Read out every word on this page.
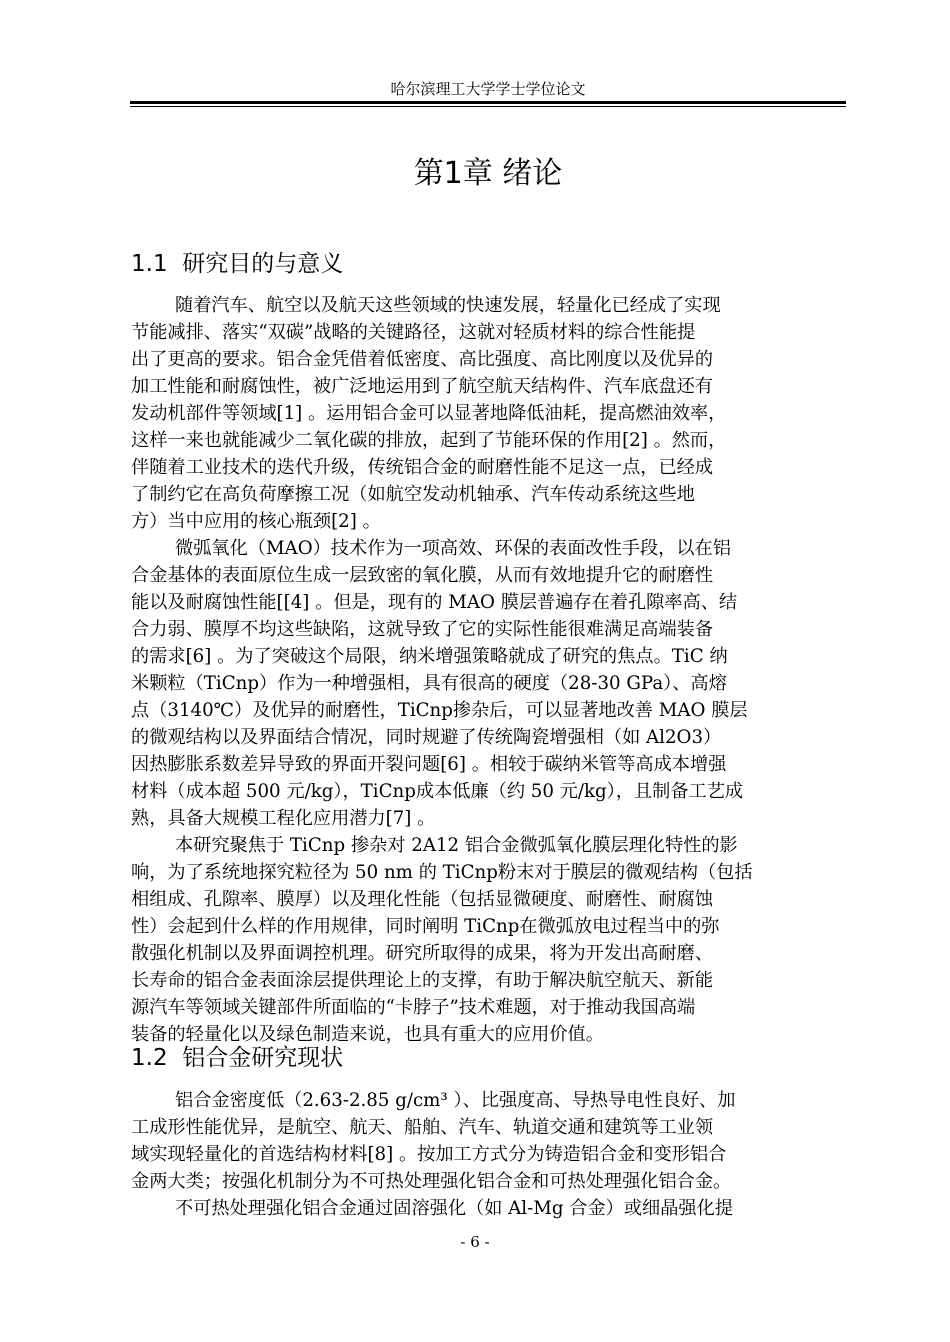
哈尔滨理工大学学士学位论文
第1章 绪论
1.1  研究目的与意义
随着汽车、航空以及航天这些领域的快速发展，轻量化已经成了实现
节能减排、落实“双碳”战略的关键路径，这就对轻质材料的综合性能提
出了更高的要求。铝合金凭借着低密度、高比强度、高比刚度以及优异的
加工性能和耐腐蚀性，被广泛地运用到了航空航天结构件、汽车底盘还有
发动机部件等领域[1] 。运用铝合金可以显著地降低油耗，提高燃油效率，
这样一来也就能减少二氧化碳的排放，起到了节能环保的作用[2] 。然而，
伴随着工业技术的迭代升级，传统铝合金的耐磨性能不足这一点，已经成
了制约它在高负荷摩擦工况（如航空发动机轴承、汽车传动系统这些地
方）当中应用的核心瓶颈[2] 。
微弧氧化（MAO）技术作为一项高效、环保的表面改性手段，以在铝
合金基体的表面原位生成一层致密的氧化膜，从而有效地提升它的耐磨性
能以及耐腐蚀性能[[4] 。但是，现有的 MAO 膜层普遍存在着孔隙率高、结
合力弱、膜厚不均这些缺陷，这就导致了它的实际性能很难满足高端装备
的需求[6] 。为了突破这个局限，纳米增强策略就成了研究的焦点。TiC 纳
米颗粒（TiCnp）作为一种增强相，具有很高的硬度（28-30 GPa）、高熔
点（3140℃）及优异的耐磨性，TiCnp掺杂后，可以显著地改善 MAO 膜层
的微观结构以及界面结合情况，同时规避了传统陶瓷增强相（如 Al2O3）
因热膨胀系数差异导致的界面开裂问题[6] 。相较于碳纳米管等高成本增强
材料（成本超 500 元/kg），TiCnp成本低廉（约 50 元/kg），且制备工艺成
熟，具备大规模工程化应用潜力[7] 。
本研究聚焦于 TiCnp 掺杂对 2A12 铝合金微弧氧化膜层理化特性的影
响，为了系统地探究粒径为 50 nm 的 TiCnp粉末对于膜层的微观结构（包括
相组成、孔隙率、膜厚）以及理化性能（包括显微硬度、耐磨性、耐腐蚀
性）会起到什么样的作用规律，同时阐明 TiCnp在微弧放电过程当中的弥
散强化机制以及界面调控机理。研究所取得的成果，将为开发出高耐磨、
长寿命的铝合金表面涂层提供理论上的支撑，有助于解决航空航天、新能
源汽车等领域关键部件所面临的“卡脖子”技术难题，对于推动我国高端
装备的轻量化以及绿色制造来说，也具有重大的应用价值。
1.2  铝合金研究现状
铝合金密度低（2.63-2.85 g/cm³ ）、比强度高、导热导电性良好、加
工成形性能优异，是航空、航天、船舶、汽车、轨道交通和建筑等工业领
域实现轻量化的首选结构材料[8] 。按加工方式分为铸造铝合金和变形铝合
金两大类；按强化机制分为不可热处理强化铝合金和可热处理强化铝合金。
不可热处理强化铝合金通过固溶强化（如 Al-Mg 合金）或细晶强化提
- 6 -
